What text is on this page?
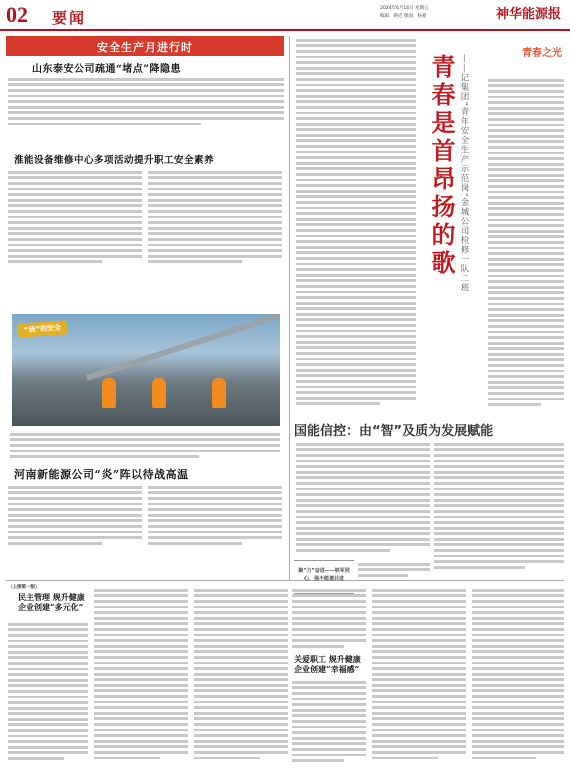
02 要闻
2024年6月14日 星期五
编辑：路近 版面：杨蒙	神华能源报
安全生产月进行时
山东泰安公司疏通“堵点”降隐患
淮能设备维修中心多项活动提升职工安全素养
“我”的安全
河南新能源公司“炎”阵以待战高温
青春之光
青春是首昂扬的歌 ——记集团“青年安全生产示范岗”金城公司检修一队二班
国能信控：由“智”及质为发展赋能
聚“力”奋进——铁军同心，强不能谱共进
（上接第一版）
民主管理 规升健康企业创建“多元化”
关爱职工 规升健康企业创建“幸福感”
